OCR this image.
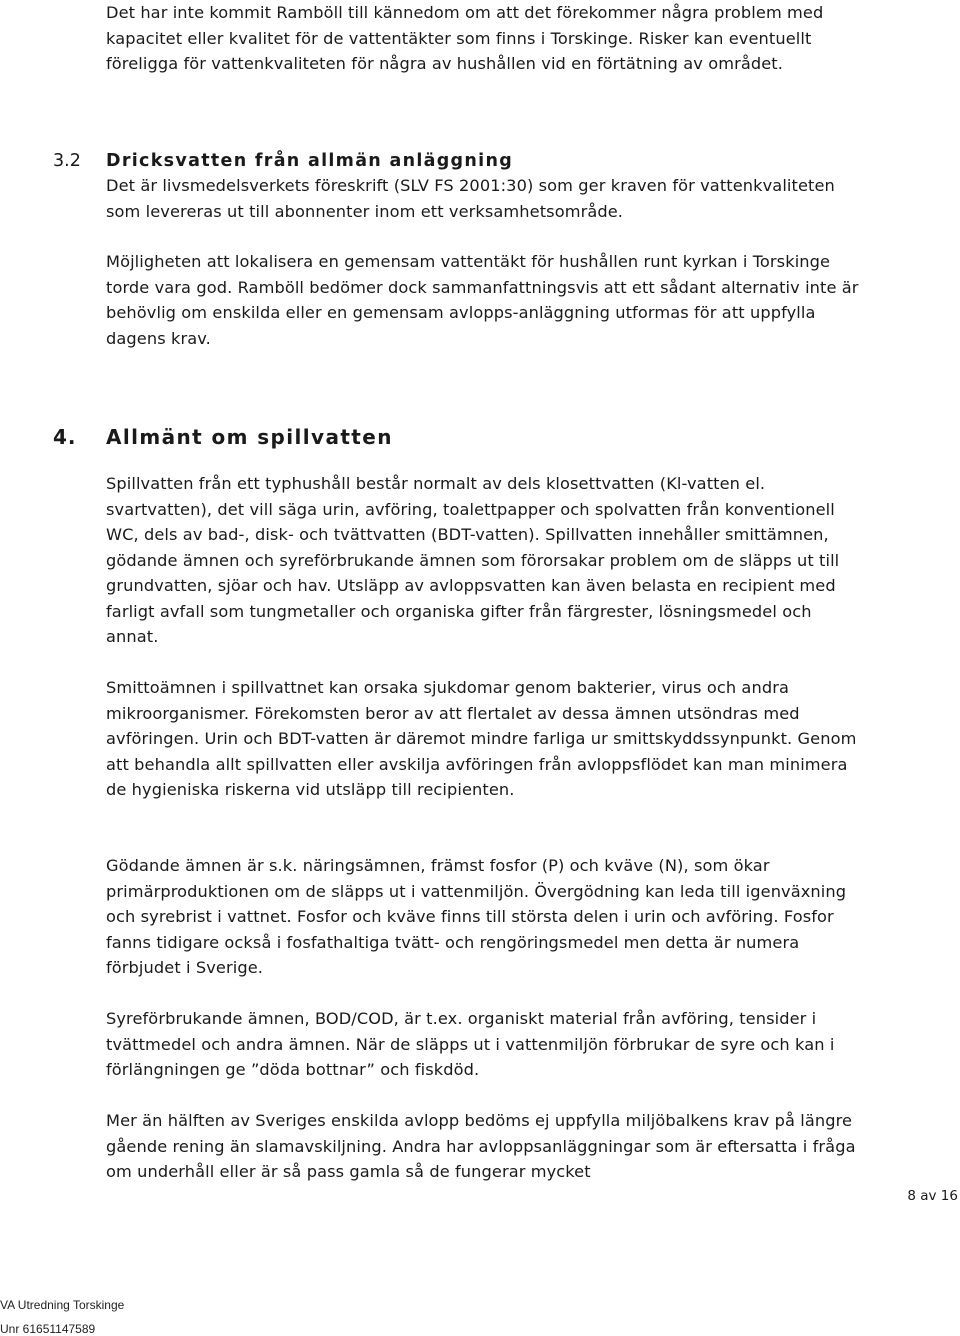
Det har inte kommit Ramböll till kännedom om att det förekommer några problem med kapacitet eller kvalitet för de vattentäkter som finns i Torskinge. Risker kan eventuellt föreligga för vattenkvaliteten för några av hushållen vid en förtätning av området.

3.2 Dricksvatten från allmän anläggning

Det är livsmedelsverkets föreskrift (SLV FS 2001:30) som ger kraven för vattenkvaliteten som levereras ut till abonnenter inom ett verksamhetsområde.

Möjligheten att lokalisera en gemensam vattentäkt för hushållen runt kyrkan i Torskinge torde vara god. Ramböll bedömer dock sammanfattningsvis att ett sådant alternativ inte är behövlig om enskilda eller en gemensam avlopps-anläggning utformas för att uppfylla dagens krav.

4. Allmänt om spillvatten

Spillvatten från ett typhushåll består normalt av dels klosettvatten (Kl-vatten el. svartvatten), det vill säga urin, avföring, toalettpapper och spolvatten från konventionell WC, dels av bad-, disk- och tvättvatten (BDT-vatten). Spillvatten innehåller smittämnen, gödande ämnen och syreförbrukande ämnen som förorsakar problem om de släpps ut till grundvatten, sjöar och hav. Utsläpp av avloppsvatten kan även belasta en recipient med farligt avfall som tungmetaller och organiska gifter från färgrester, lösningsmedel och annat.

Smittoämnen i spillvattnet kan orsaka sjukdomar genom bakterier, virus och andra mikroorganismer. Förekomsten beror av att flertalet av dessa ämnen utsöndras med avföringen. Urin och BDT-vatten är däremot mindre farliga ur smittskyddssynpunkt. Genom att behandla allt spillvatten eller avskilja avföringen från avloppsflödet kan man minimera de hygieniska riskerna vid utsläpp till recipienten.

Gödande ämnen är s.k. näringsämnen, främst fosfor (P) och kväve (N), som ökar primärproduktionen om de släpps ut i vattenmiljön. Övergödning kan leda till igenväxning och syrebrist i vattnet. Fosfor och kväve finns till största delen i urin och avföring. Fosfor fanns tidigare också i fosfathaltiga tvätt- och rengöringsmedel men detta är numera förbjudet i Sverige.

Syreförbrukande ämnen, BOD/COD, är t.ex. organiskt material från avföring, tensider i tvättmedel och andra ämnen. När de släpps ut i vattenmiljön förbrukar de syre och kan i förlängningen ge ”döda bottnar” och fiskdöd.

Mer än hälften av Sveriges enskilda avlopp bedöms ej uppfylla miljöbalkens krav på längre gående rening än slamavskiljning. Andra har avloppsanläggningar som är eftersatta i fråga om underhåll eller är så pass gamla så de fungerar mycket

8 av 16

VA Utredning Torskinge

Unr 61651147589
